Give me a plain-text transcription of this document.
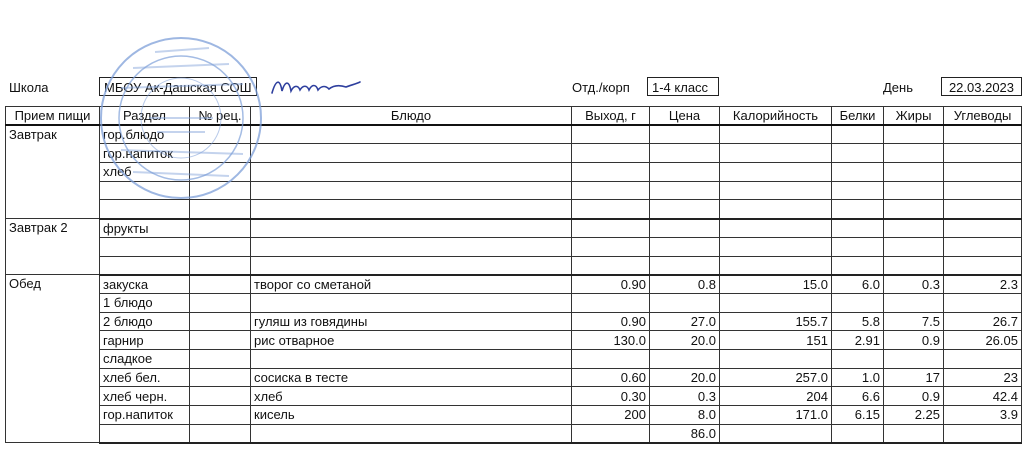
Школа	МБОУ Ак-Дашская СОШ	Отд./корп	1-4 класс	День	22.03.2023
Прием пищи	Раздел	№ рец.	Блюдо	Выход, г	Цена	Калорийность	Белки	Жиры	Углеводы
Завтрак	гор.блюдо								
	гор.напиток								
	хлеб								

Завтрак 2	фрукты								

Обед	закуска		творог со сметаной	0.90	0.8	15.0	6.0	0.3	2.3
	1 блюдо								
	2 блюдо		гуляш из говядины	0.90	27.0	155.7	5.8	7.5	26.7
	гарнир		рис отварное	130.0	20.0	151	2.91	0.9	26.05
	сладкое								
	хлеб бел.		сосиска в тесте	0.60	20.0	257.0	1.0	17	23
	хлеб черн.		хлеб	0.30	0.3	204	6.6	0.9	42.4
	гор.напиток		кисель	200	8.0	171.0	6.15	2.25	3.9
					86.0				
